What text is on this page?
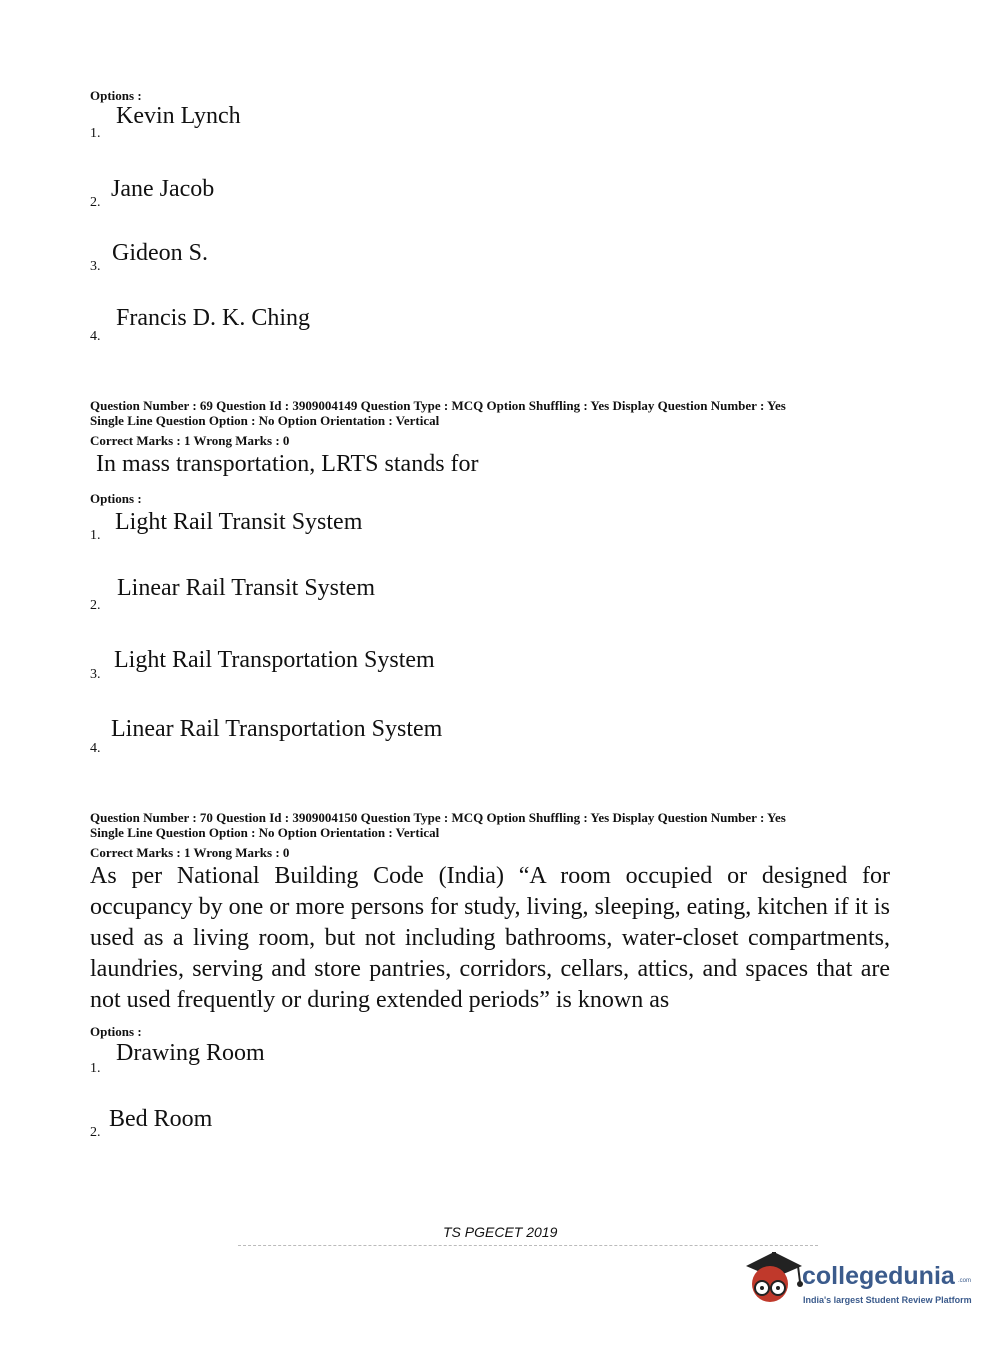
Options :
1.
Kevin Lynch
2.
Jane Jacob
3.
Gideon S.
4.
Francis D. K. Ching
Question Number : 69 Question Id : 3909004149 Question Type : MCQ Option Shuffling : Yes Display Question Number : Yes
Single Line Question Option : No Option Orientation : Vertical
Correct Marks : 1 Wrong Marks : 0
In mass transportation, LRTS stands for
Options :
1.
Light Rail Transit System
2.
Linear Rail Transit System
3.
Light Rail Transportation System
4.
Linear Rail Transportation System
Question Number : 70 Question Id : 3909004150 Question Type : MCQ Option Shuffling : Yes Display Question Number : Yes
Single Line Question Option : No Option Orientation : Vertical
Correct Marks : 1 Wrong Marks : 0
As per National Building Code (India) “A room occupied or designed for occupancy by one or more persons for study, living, sleeping, eating, kitchen if it is used as a living room, but not including bathrooms, water-closet compartments, laundries, serving and store pantries, corridors, cellars, attics, and spaces that are not used frequently or during extended periods” is known as
Options :
1.
Drawing Room
2.
Bed Room
TS PGECET 2019
collegedunia .com
India's largest Student Review Platform
